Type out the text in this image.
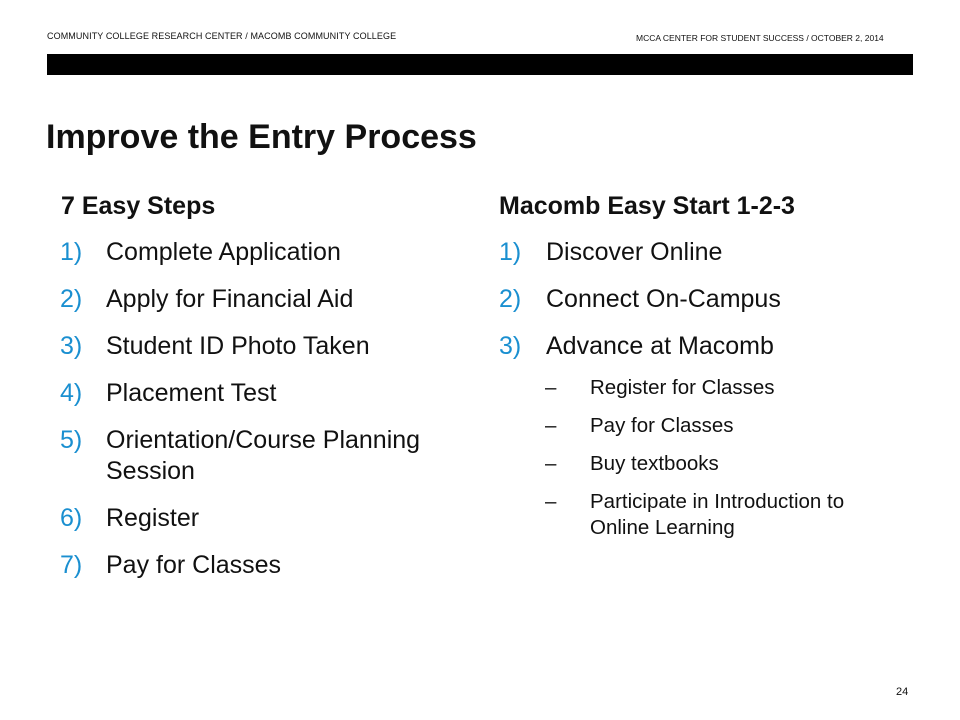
COMMUNITY COLLEGE RESEARCH CENTER / MACOMB COMMUNITY COLLEGE	MCCA CENTER FOR STUDENT SUCCESS / OCTOBER 2, 2014
Improve the Entry Process
7 Easy Steps	Macomb Easy Start 1-2-3
1) Complete Application
2) Apply for Financial Aid
3) Student ID Photo Taken
4) Placement Test
5) Orientation/Course Planning Session
6) Register
7) Pay for Classes
1) Discover Online
2) Connect On-Campus
3) Advance at Macomb
– Register for Classes
– Pay for Classes
– Buy textbooks
– Participate in Introduction to Online Learning
24
